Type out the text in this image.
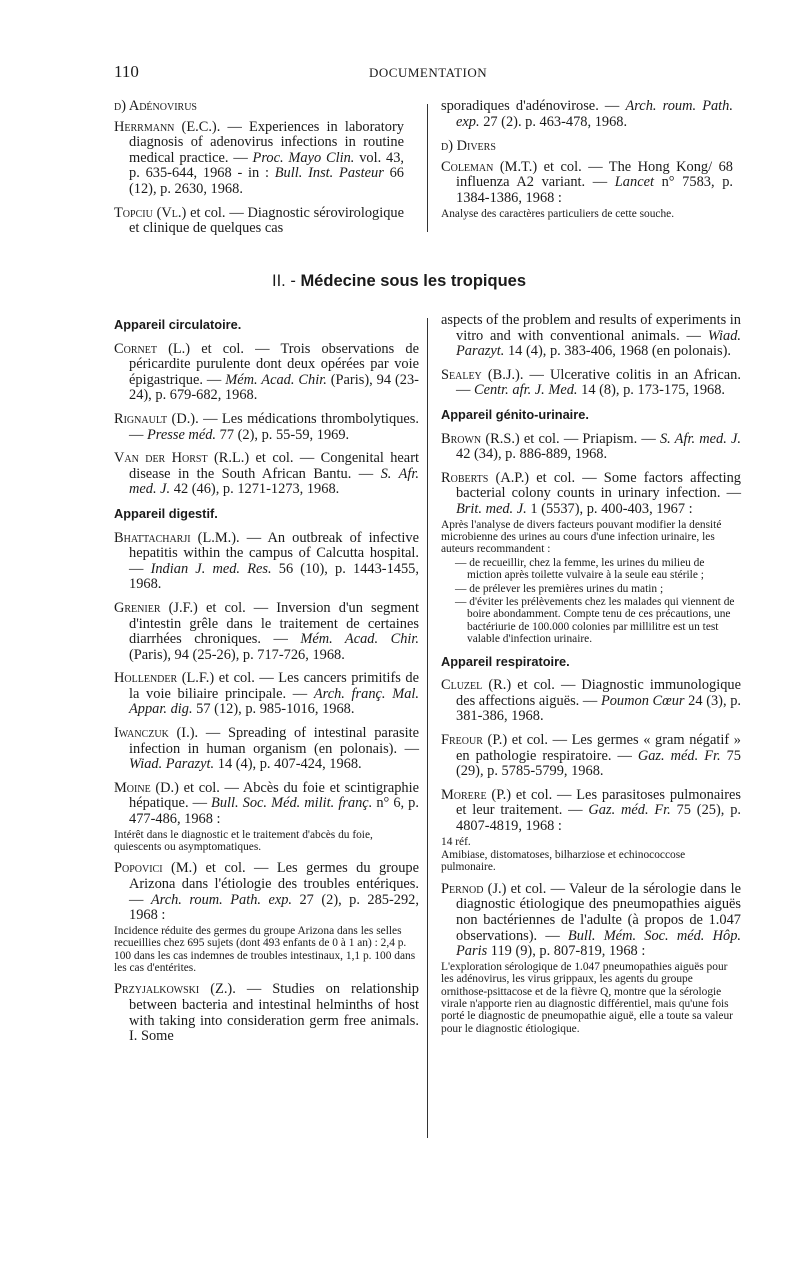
110	DOCUMENTATION
d) Adénovirus
Herrmann (E.C.). — Experiences in laboratory diagnosis of adenovirus infections in routine medical practice. — Proc. Mayo Clin. vol. 43, p. 635-644, 1968 - in : Bull. Inst. Pasteur 66 (12), p. 2630, 1968.
Topciu (Vl.) et col. — Diagnostic sérovirologique et clinique de quelques cas
sporadiques d'adénovirose. — Arch. roum. Path. exp. 27 (2). p. 463-478, 1968.
d) Divers
Coleman (M.T.) et col. — The Hong Kong/ 68 influenza A2 variant. — Lancet n° 7583, p. 1384-1386, 1968 :
Analyse des caractères particuliers de cette souche.
II. - Médecine sous les tropiques
Appareil circulatoire.
Cornet (L.) et col. — Trois observations de péricardite purulente dont deux opérées par voie épigastrique. — Mém. Acad. Chir. (Paris), 94 (23-24), p. 679-682, 1968.
Rignault (D.). — Les médications thrombolytiques. — Presse méd. 77 (2), p. 55-59, 1969.
Van der Horst (R.L.) et col. — Congenital heart disease in the South African Bantu. — S. Afr. med. J. 42 (46), p. 1271-1273, 1968.
Appareil digestif.
Bhattacharji (L.M.). — An outbreak of infective hepatitis within the campus of Calcutta hospital. — Indian J. med. Res. 56 (10), p. 1443-1455, 1968.
Grenier (J.F.) et col. — Inversion d'un segment d'intestin grêle dans le traitement de certaines diarrhées chroniques. — Mém. Acad. Chir. (Paris), 94 (25-26), p. 717-726, 1968.
Hollender (L.F.) et col. — Les cancers primitifs de la voie biliaire principale. — Arch. franç. Mal. Appar. dig. 57 (12), p. 985-1016, 1968.
Iwanczuk (I.). — Spreading of intestinal parasite infection in human organism (en polonais). — Wiad. Parazyt. 14 (4), p. 407-424, 1968.
Moine (D.) et col. — Abcès du foie et scintigraphie hépatique. — Bull. Soc. Méd. milit. franç. n° 6, p. 477-486, 1968 :
Intérêt dans le diagnostic et le traitement d'abcès du foie, quiescents ou asymptomatiques.
Popovici (M.) et col. — Les germes du groupe Arizona dans l'étiologie des troubles entériques. — Arch. roum. Path. exp. 27 (2), p. 285-292, 1968 :
Incidence réduite des germes du groupe Arizona dans les selles recueillies chez 695 sujets (dont 493 enfants de 0 à 1 an) : 2,4 p. 100 dans les cas indemnes de troubles intestinaux, 1,1 p. 100 dans les cas d'entérites.
Przyjalkowski (Z.). — Studies on relationship between bacteria and intestinal helminths of host with taking into consideration germ free animals. I. Some
aspects of the problem and results of experiments in vitro and with conventional animals. — Wiad. Parazyt. 14 (4), p. 383-406, 1968 (en polonais).
Sealey (B.J.). — Ulcerative colitis in an African. — Centr. afr. J. Med. 14 (8), p. 173-175, 1968.
Appareil génito-urinaire.
Brown (R.S.) et col. — Priapism. — S. Afr. med. J. 42 (34), p. 886-889, 1968.
Roberts (A.P.) et col. — Some factors affecting bacterial colony counts in urinary infection. — Brit. med. J. 1 (5537), p. 400-403, 1967 :
Après l'analyse de divers facteurs pouvant modifier la densité microbienne des urines au cours d'une infection urinaire, les auteurs recommandent :
— de recueillir, chez la femme, les urines du milieu de miction après toilette vulvaire à la seule eau stérile ;
— de prélever les premières urines du matin ;
— d'éviter les prélèvements chez les malades qui viennent de boire abondamment. Compte tenu de ces précautions, une bactériurie de 100.000 colonies par millilitre est un test valable d'infection urinaire.
Appareil respiratoire.
Cluzel (R.) et col. — Diagnostic immunologique des affections aiguës. — Poumon Cœur 24 (3), p. 381-386, 1968.
Freour (P.) et col. — Les germes « gram négatif » en pathologie respiratoire. — Gaz. méd. Fr. 75 (29), p. 5785-5799, 1968.
Morere (P.) et col. — Les parasitoses pulmonaires et leur traitement. — Gaz. méd. Fr. 75 (25), p. 4807-4819, 1968 :
14 réf.
Amibiase, distomatoses, bilharziose et echinococcose pulmonaire.
Pernod (J.) et col. — Valeur de la sérologie dans le diagnostic étiologique des pneumopathies aiguës non bactériennes de l'adulte (à propos de 1.047 observations). — Bull. Mém. Soc. méd. Hôp. Paris 119 (9), p. 807-819, 1968 :
L'exploration sérologique de 1.047 pneumopathies aiguës pour les adénovirus, les virus grippaux, les agents du groupe ornithose-psittacose et de la fièvre Q, montre que la sérologie virale n'apporte rien au diagnostic différentiel, mais qu'une fois porté le diagnostic de pneumopathie aiguë, elle a toute sa valeur pour le diagnostic étiologique.
